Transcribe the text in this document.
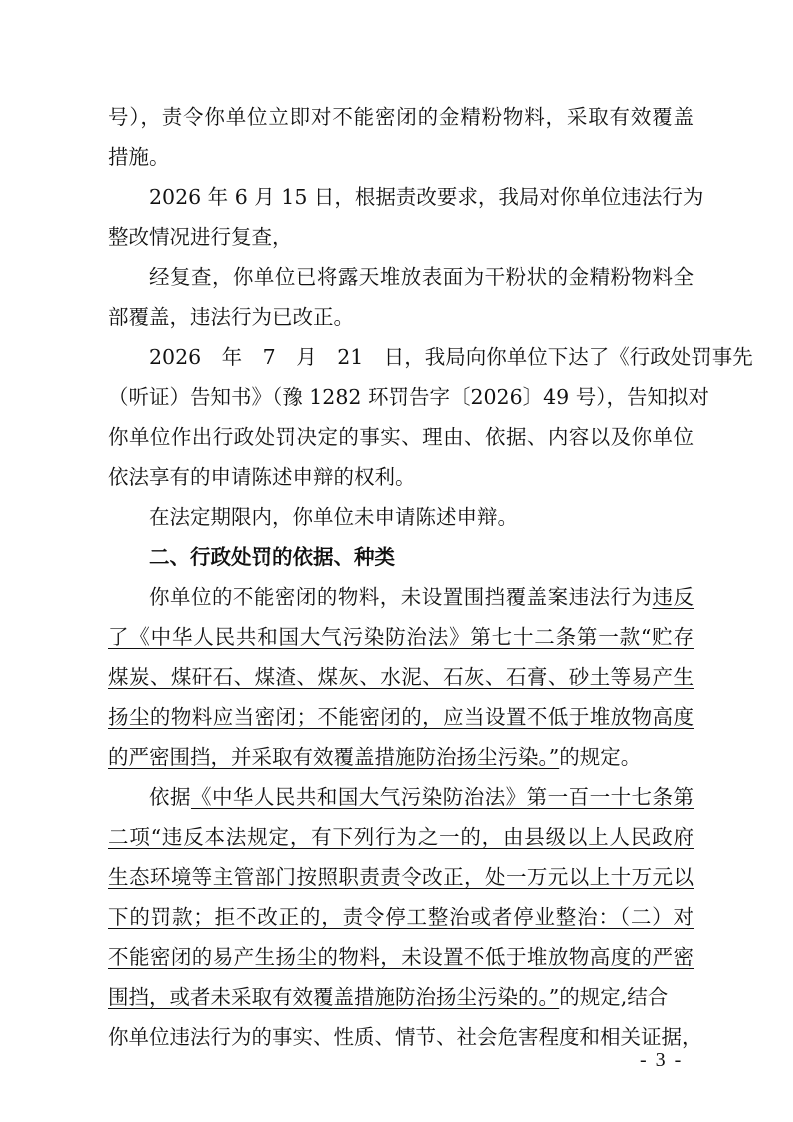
号），责令你单位立即对不能密闭的金精粉物料，采取有效覆盖
措施。
2026 年 6 月 15 日，根据责改要求，我局对你单位违法行为
整改情况进行复查，
经复查，你单位已将露天堆放表面为干粉状的金精粉物料全
部覆盖，违法行为已改正。
2026　年　7　月　21　日，我局向你单位下达了《行政处罚事先
（听证）告知书》（豫 1282 环罚告字〔2026〕49 号），告知拟对
你单位作出行政处罚决定的事实、理由、依据、内容以及你单位
依法享有的申请陈述申辩的权利。
在法定期限内，你单位未申请陈述申辩。
二、行政处罚的依据、种类
你单位的不能密闭的物料，未设置围挡覆盖案违法行为违反
了《中华人民共和国大气污染防治法》第七十二条第一款“贮存
煤炭、煤矸石、煤渣、煤灰、水泥、石灰、石膏、砂土等易产生
扬尘的物料应当密闭；不能密闭的，应当设置不低于堆放物高度
的严密围挡，并采取有效覆盖措施防治扬尘污染。”的规定。
依据《中华人民共和国大气污染防治法》第一百一十七条第
二项“违反本法规定，有下列行为之一的，由县级以上人民政府
生态环境等主管部门按照职责责令改正，处一万元以上十万元以
下的罚款；拒不改正的，责令停工整治或者停业整治：（二）对
不能密闭的易产生扬尘的物料，未设置不低于堆放物高度的严密
围挡，或者未采取有效覆盖措施防治扬尘污染的。”的规定,结合
- 3 -
你单位违法行为的事实、性质、情节、社会危害程度和相关证据，
